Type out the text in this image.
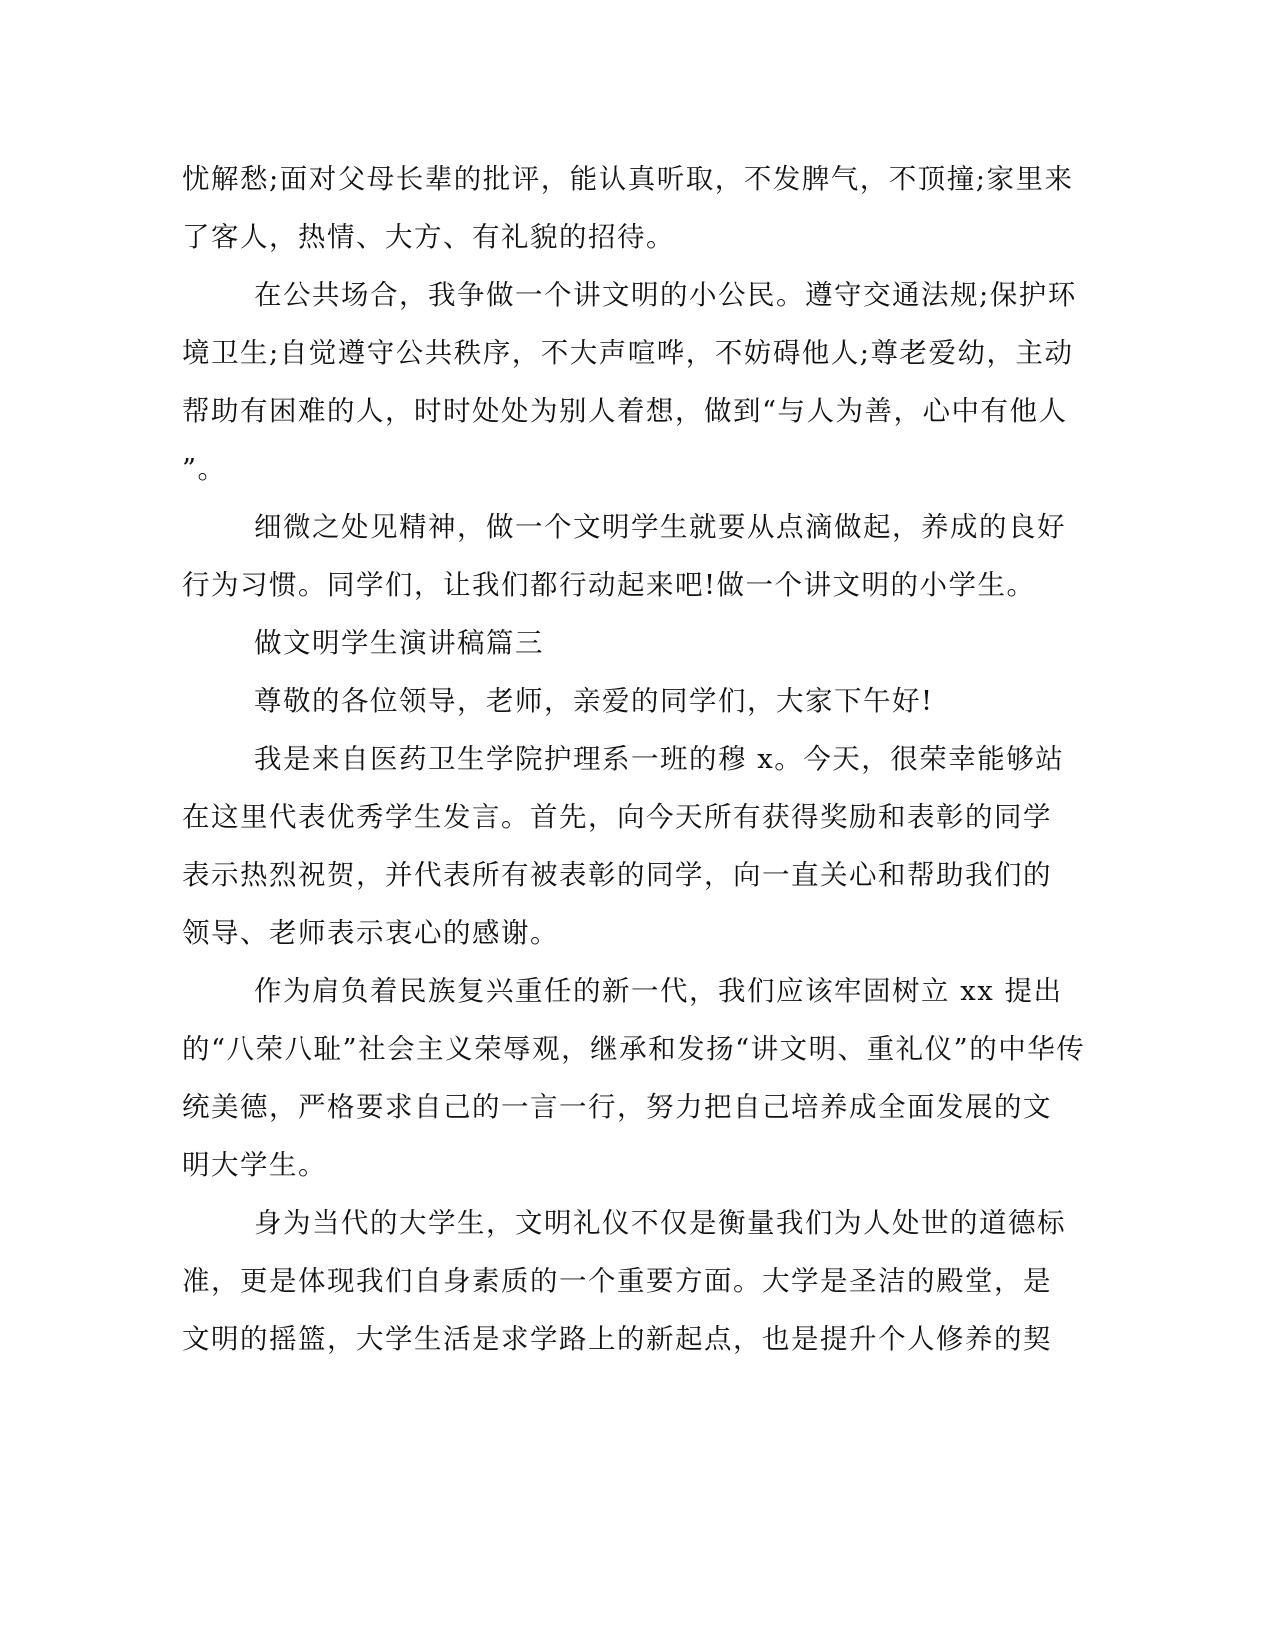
忧解愁;面对父母长辈的批评，能认真听取，不发脾气，不顶撞;家里来
了客人，热情、大方、有礼貌的招待。
在公共场合，我争做一个讲文明的小公民。遵守交通法规;保护环
境卫生;自觉遵守公共秩序，不大声喧哗，不妨碍他人;尊老爱幼，主动
帮助有困难的人，时时处处为别人着想，做到“与人为善，心中有他人
”。
细微之处见精神，做一个文明学生就要从点滴做起，养成的良好
行为习惯。同学们，让我们都行动起来吧!做一个讲文明的小学生。
做文明学生演讲稿篇三
尊敬的各位领导，老师，亲爱的同学们，大家下午好!
我是来自医药卫生学院护理系一班的穆 x。今天，很荣幸能够站
在这里代表优秀学生发言。首先，向今天所有获得奖励和表彰的同学
表示热烈祝贺，并代表所有被表彰的同学，向一直关心和帮助我们的
领导、老师表示衷心的感谢。
作为肩负着民族复兴重任的新一代，我们应该牢固树立 xx 提出
的“八荣八耻”社会主义荣辱观，继承和发扬“讲文明、重礼仪”的中华传
统美德，严格要求自己的一言一行，努力把自己培养成全面发展的文
明大学生。
身为当代的大学生，文明礼仪不仅是衡量我们为人处世的道德标
准，更是体现我们自身素质的一个重要方面。大学是圣洁的殿堂，是
文明的摇篮，大学生活是求学路上的新起点，也是提升个人修养的契
